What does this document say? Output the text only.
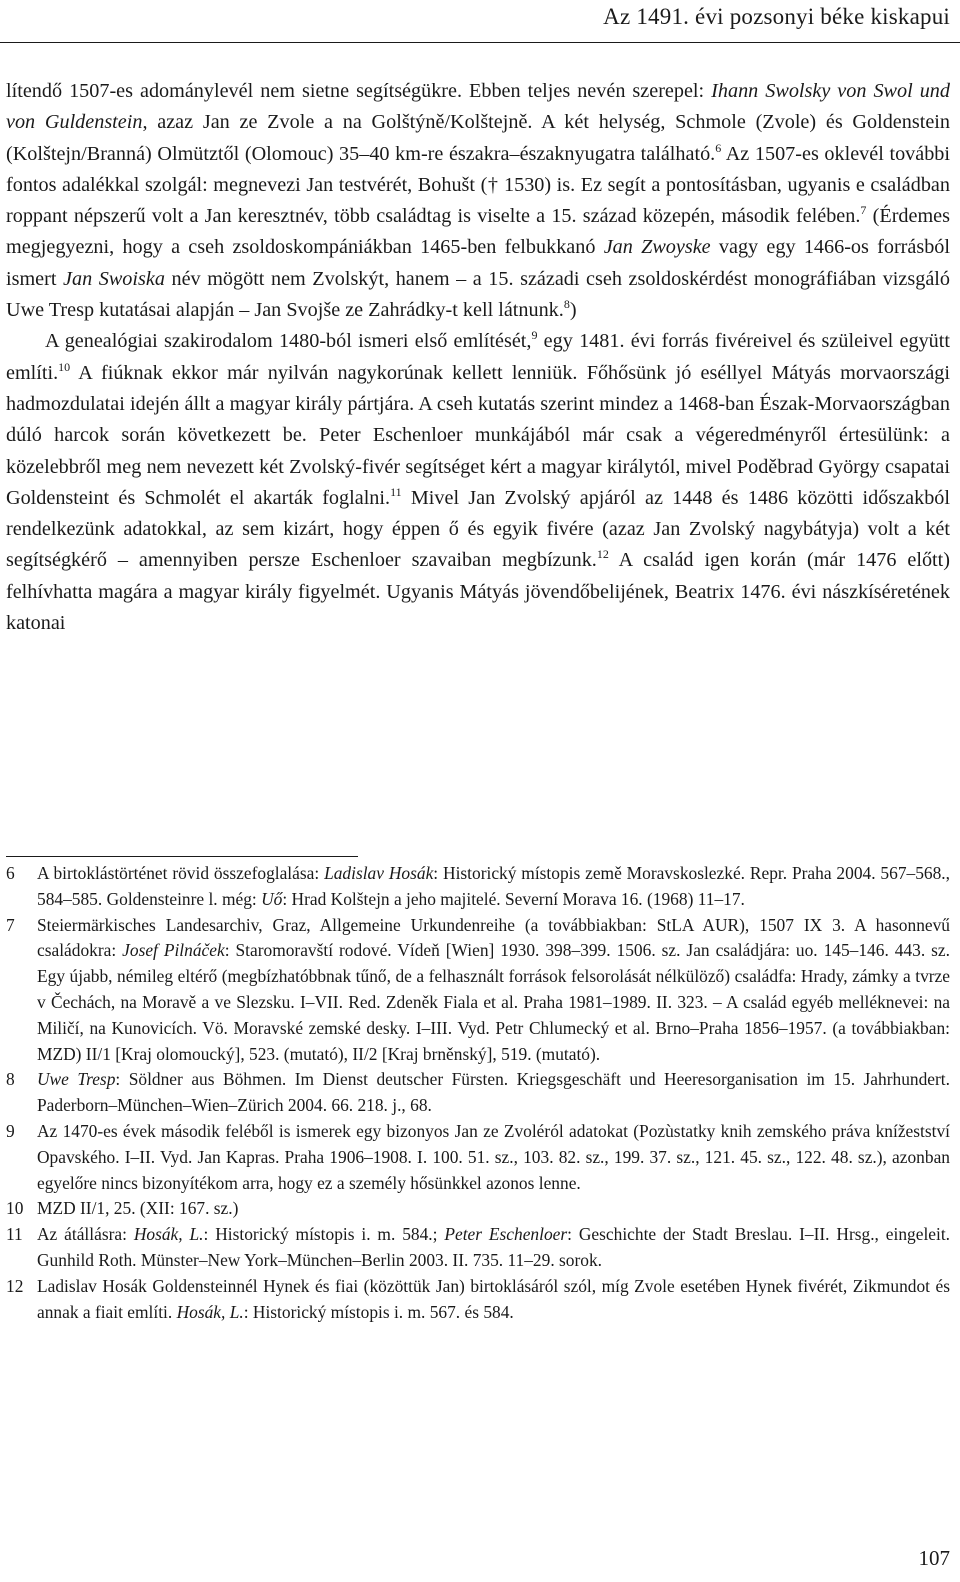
Az 1491. évi pozsonyi béke kiskapui

lítendő 1507-es adománylevél nem sietne segítségükre. Ebben teljes nevén szerepel: Ihann Swolsky von Swol und von Guldenstein, azaz Jan ze Zvole a na Golštýně/Kolštejně. A két helység, Schmole (Zvole) és Goldenstein (Kolštejn/Branná) Olmütztől (Olomouc) 35–40 km-re északra–északnyugatra található.$^6$ Az 1507-es oklevél további fontos adalékkal szolgál: megnevezi Jan testvérét, Bohušt († 1530) is. Ez segít a pontosításban, ugyanis e családban roppant népszerű volt a Jan keresztnév, több családtag is viselte a 15. század közepén, második felében.$^7$ (Érdemes megjegyezni, hogy a cseh zsoldoskompániákban 1465-ben felbukkanó Jan Zwoyske vagy egy 1466-os forrásból ismert Jan Swoiska név mögött nem Zvolskýt, hanem – a 15. századi cseh zsoldoskérdést monográfiában vizsgáló Uwe Tresp kutatásai alapján – Jan Svojše ze Zahrádky-t kell látnunk.$^8$)

A genealógiai szakirodalom 1480-ból ismeri első említését,$^9$ egy 1481. évi forrás fivéreivel és szüleivel együtt említi.$^{10}$ A fiúknak ekkor már nyilván nagykorúnak kellett lenniük. Főhősünk jó eséllyel Mátyás morvaországi hadmozdulatai idején állt a magyar király pártjára. A cseh kutatás szerint mindez a 1468-ban Észak-Morvaországban dúló harcok során következett be. Peter Eschenloer munkájából már csak a végeredményről értesülünk: a közelebbről meg nem nevezett két Zvolský-fivér segítséget kért a magyar királytól, mivel Poděbrad György csapatai Goldensteint és Schmolét el akarták foglalni.$^{11}$ Mivel Jan Zvolský apjáról az 1448 és 1486 közötti időszakból rendelkezünk adatokkal, az sem kizárt, hogy éppen ő és egyik fivére (azaz Jan Zvolský nagybátyja) volt a két segítségkérő – amennyiben persze Eschenloer szavaiban megbízunk.$^{12}$ A család igen korán (már 1476 előtt) felhívhatta magára a magyar király figyelmét. Ugyanis Mátyás jövendőbelijének, Beatrix 1476. évi nászkíséretének katonai

6 A birtoklástörténet rövid összefoglalása: Ladislav Hosák: Historický místopis země Moravskoslezké. Repr. Praha 2004. 567–568., 584–585. Goldensteinre l. még: Uő: Hrad Kolštejn a jeho majitelé. Severní Morava 16. (1968) 11–17.
7 Steiermärkisches Landesarchiv, Graz, Allgemeine Urkundenreihe (a továbbiakban: StLA AUR), 1507 IX 3. A hasonnevű családokra: Josef Pilnáček: Staromoravští rodové. Vídeň [Wien] 1930. 398–399. 1506. sz. Jan családjára: uo. 145–146. 443. sz. Egy újabb, némileg eltérő (megbízhatóbbnak tűnő, de a felhasznált források felsorolását nélkülöző) családfa: Hrady, zámky a tvrze v Čechách, na Moravě a ve Slezsku. I–VII. Red. Zdeněk Fiala et al. Praha 1981–1989. II. 323. – A család egyéb melléknevei: na Miličí, na Kunovicích. Vö. Moravské zemské desky. I–III. Vyd. Petr Chlumecký et al. Brno–Praha 1856–1957. (a továbbiakban: MZD) II/1 [Kraj olomoucký], 523. (mutató), II/2 [Kraj brněnský], 519. (mutató).
8 Uwe Tresp: Söldner aus Böhmen. Im Dienst deutscher Fürsten. Kriegsgeschäft und Heeresorganisation im 15. Jahrhundert. Paderborn–München–Wien–Zürich 2004. 66. 218. j., 68.
9 Az 1470-es évek második feléből is ismerek egy bizonyos Jan ze Zvoléról adatokat (Pozùstatky knih zemského práva knížestství Opavského. I–II. Vyd. Jan Kapras. Praha 1906–1908. I. 100. 51. sz., 103. 82. sz., 199. 37. sz., 121. 45. sz., 122. 48. sz.), azonban egyelőre nincs bizonyítékom arra, hogy ez a személy hősünkkel azonos lenne.
10 MZD II/1, 25. (XII: 167. sz.)
11 Az átállásra: Hosák, L.: Historický místopis i. m. 584.; Peter Eschenloer: Geschichte der Stadt Breslau. I–II. Hrsg., eingeleit. Gunhild Roth. Münster–New York–München–Berlin 2003. II. 735. 11–29. sorok.
12 Ladislav Hosák Goldensteinnél Hynek és fiai (közöttük Jan) birtoklásáról szól, míg Zvole esetében Hynek fivérét, Zikmundot és annak a fiait említi. Hosák, L.: Historický místopis i. m. 567. és 584.
107
